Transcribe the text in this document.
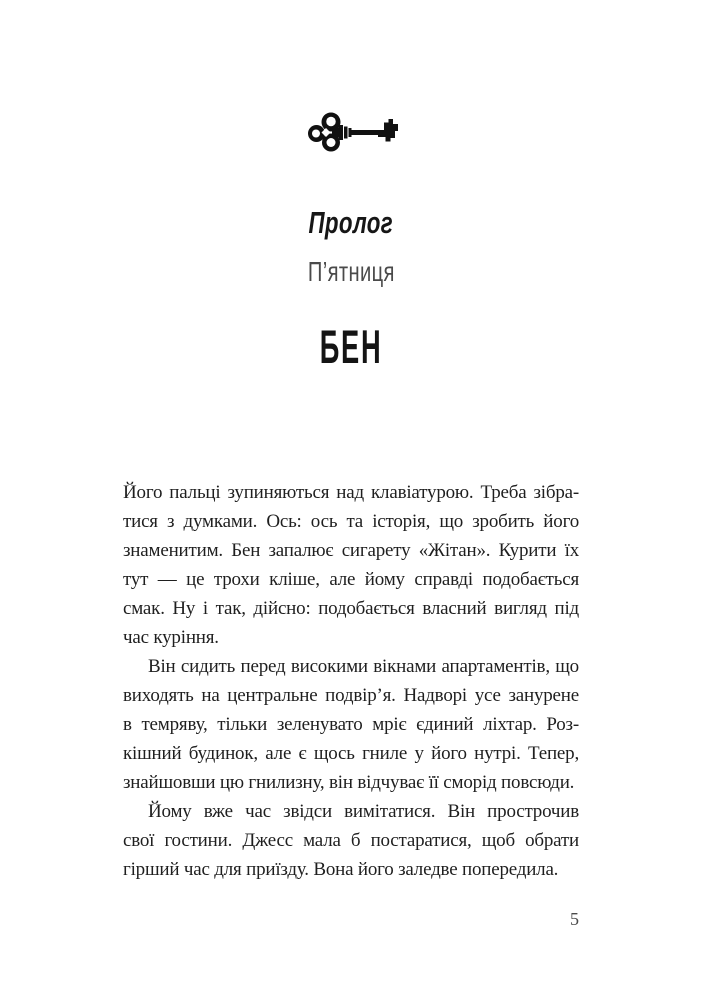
Пролог
П’ятниця
БЕН
Його пальці зупиняються над клавіатурою. Треба зібра-
тися з думками. Ось: ось та історія, що зробить його
знаменитим. Бен запалює сигарету «Жітан». Курити їх
тут — це трохи кліше, але йому справді подобається
смак. Ну і так, дійсно: подобається власний вигляд під
час куріння.
Він сидить перед високими вікнами апартаментів, що
виходять на центральне подвір’я. Надворі усе занурене
в темряву, тільки зеленувато мріє єдиний ліхтар. Роз-
кішний будинок, але є щось гниле у його нутрі. Тепер,
знайшовши цю гнилизну, він відчуває її сморід повсюди.
Йому вже час звідси вимітатися. Він прострочив
свої гостини. Джесс мала б постаратися, щоб обрати
гірший час для приїзду. Вона його заледве попередила.
5
